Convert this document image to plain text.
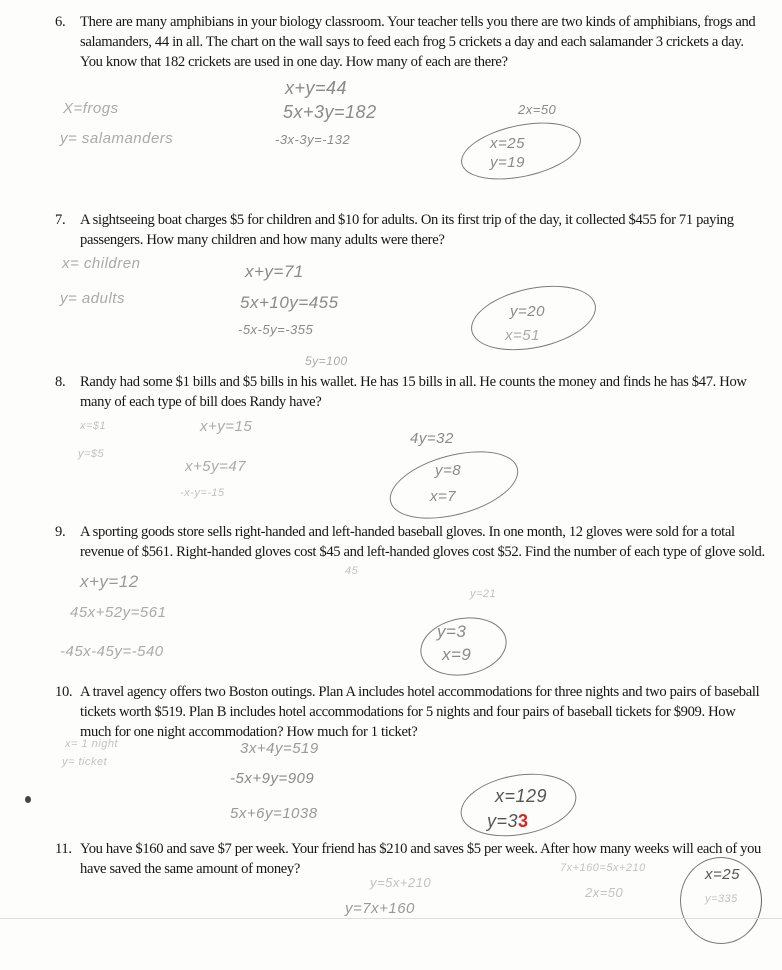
6. There are many amphibians in your biology classroom. Your teacher tells you there are two kinds of amphibians, frogs and salamanders, 44 in all. The chart on the wall says to feed each frog 5 crickets a day and each salamander 3 crickets a day. You know that 182 crickets are used in one day. How many of each are there?
x+y=44
X=frogs	5x+3y=182	2x=50
y= salamanders	-3x-3y=-132	x=25
y=19
7. A sightseeing boat charges $5 for children and $10 for adults. On its first trip of the day, it collected $455 for 71 paying passengers. How many children and how many adults were there?
x= children	x+y=71
y= adults	5x+10y=455
-5x-5y=-355
5y=100
y=20
x=51
8. Randy had some $1 bills and $5 bills in his wallet. He has 15 bills in all. He counts the money and finds he has $47. How many of each type of bill does Randy have?
x+y=15
4y=32
x+5y=47	y=8
-x-y=-15	x=7
x=$1
y=$5
9. A sporting goods store sells right-handed and left-handed baseball gloves. In one month, 12 gloves were sold for a total revenue of $561. Right-handed gloves cost $45 and left-handed gloves cost $52. Find the number of each type of glove sold.
x+y=12
45x+52y=561
-45x-45y=-540
y=3
x=9
45
y=21
10. A travel agency offers two Boston outings. Plan A includes hotel accommodations for three nights and two pairs of baseball tickets worth $519. Plan B includes hotel accommodations for 5 nights and four pairs of baseball tickets for $909. How much for one night accommodation? How much for 1 ticket?
x= 1 night
y= ticket
3x+4y=519
-5x+9y=909
5x+6y=1038
x=129
y=33
11. You have $160 and save $7 per week. Your friend has $210 and saves $5 per week. After how many weeks will each of you have saved the same amount of money?	7x+160=5x+210
y=5x+210
y=7x+160
2x=50
x=25
y=335
